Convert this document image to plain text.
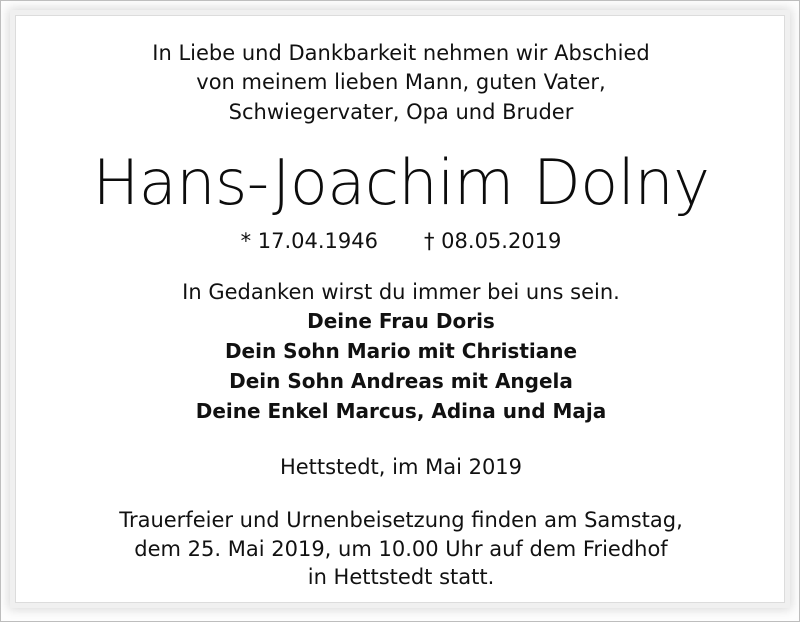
In Liebe und Dankbarkeit nehmen wir Abschied
von meinem lieben Mann, guten Vater,
Schwiegervater, Opa und Bruder
Hans-Joachim Dolny
* 17.04.1946 † 08.05.2019
In Gedanken wirst du immer bei uns sein.
Deine Frau Doris
Dein Sohn Mario mit Christiane
Dein Sohn Andreas mit Angela
Deine Enkel Marcus, Adina und Maja
Hettstedt, im Mai 2019
Trauerfeier und Urnenbeisetzung finden am Samstag,
dem 25. Mai 2019, um 10.00 Uhr auf dem Friedhof
in Hettstedt statt.
